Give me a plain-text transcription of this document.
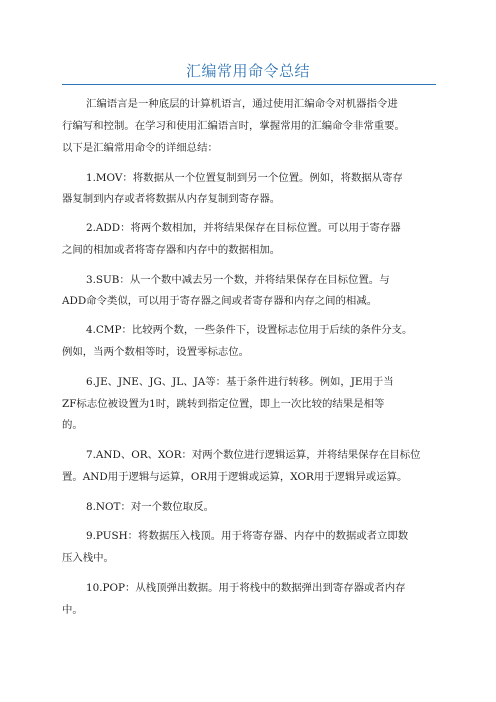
汇编常用命令总结
汇编语言是一种底层的计算机语言，通过使用汇编命令对机器指令进
行编写和控制。在学习和使用汇编语言时，掌握常用的汇编命令非常重要。
以下是汇编常用命令的详细总结：
1.MOV：将数据从一个位置复制到另一个位置。例如，将数据从寄存
器复制到内存或者将数据从内存复制到寄存器。
2.ADD：将两个数相加，并将结果保存在目标位置。可以用于寄存器
之间的相加或者将寄存器和内存中的数据相加。
3.SUB：从一个数中减去另一个数，并将结果保存在目标位置。与
ADD命令类似，可以用于寄存器之间或者寄存器和内存之间的相减。
4.CMP：比较两个数，一些条件下，设置标志位用于后续的条件分支。
例如，当两个数相等时，设置零标志位。
6.JE、JNE、JG、JL、JA等：基于条件进行转移。例如，JE用于当
ZF标志位被设置为1时，跳转到指定位置，即上一次比较的结果是相等
的。
7.AND、OR、XOR：对两个数位进行逻辑运算，并将结果保存在目标位
置。AND用于逻辑与运算，OR用于逻辑或运算，XOR用于逻辑异或运算。
8.NOT：对一个数位取反。
9.PUSH：将数据压入栈顶。用于将寄存器、内存中的数据或者立即数
压入栈中。
10.POP：从栈顶弹出数据。用于将栈中的数据弹出到寄存器或者内存
中。
